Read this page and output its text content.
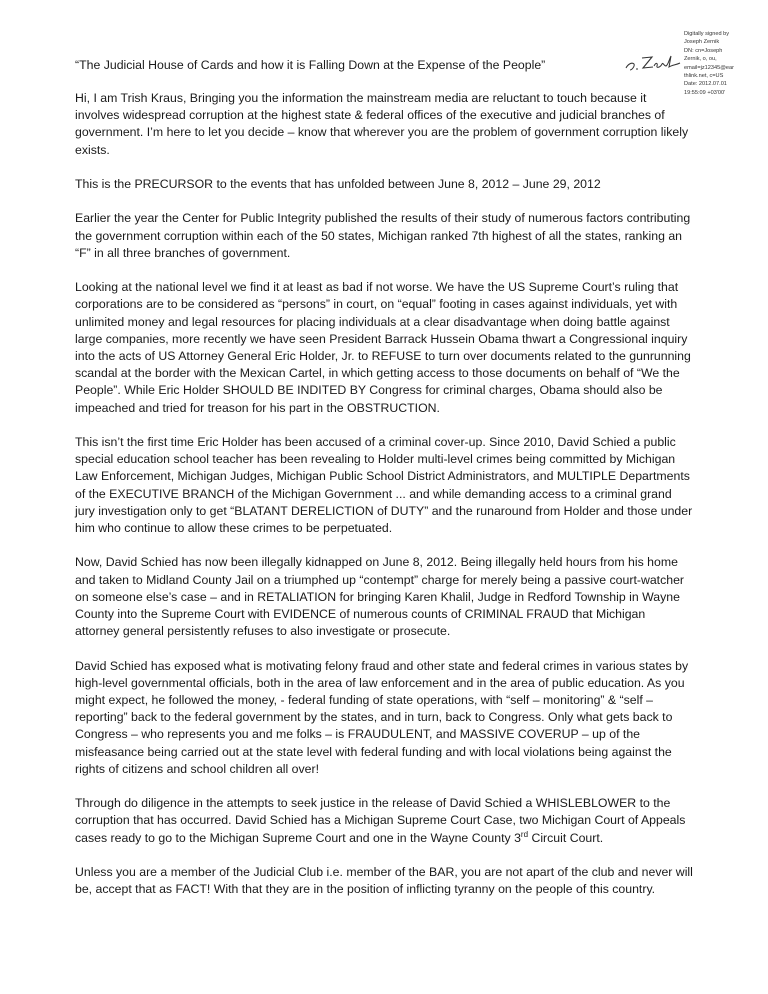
Digitally signed by
Joseph Zernik
DN: cn=Joseph
Zernik, o, ou,
email=jz12345@ear
thlink.net, c=US
Date: 2012.07.01
19:55:09 +03'00'
“The Judicial House of Cards and how it is Falling Down at the Expense of the People”

Hi, I am Trish Kraus, Bringing you the information the mainstream media are reluctant to touch because it involves widespread corruption at the highest state & federal offices of the executive and judicial branches of government. I’m here to let you decide – know that wherever you are the problem of government corruption likely exists.

This is the PRECURSOR to the events that has unfolded between June 8, 2012 – June 29, 2012

Earlier the year the Center for Public Integrity published the results of their study of numerous factors contributing the government corruption within each of the 50 states, Michigan ranked 7th highest of all the states, ranking an “F” in all three branches of government.

Looking at the national level we find it at least as bad if not worse. We have the US Supreme Court’s ruling that corporations are to be considered as “persons” in court, on “equal” footing in cases against individuals, yet with unlimited money and legal resources for placing individuals at a clear disadvantage when doing battle against large companies, more recently we have seen President Barrack Hussein Obama thwart a Congressional inquiry into the acts of US Attorney General Eric Holder, Jr. to REFUSE to turn over documents related to the gunrunning scandal at the border with the Mexican Cartel, in which getting access to those documents on behalf of “We the People”. While Eric Holder SHOULD BE INDITED BY Congress for criminal charges, Obama should also be impeached and tried for treason for his part in the OBSTRUCTION.

This isn’t the first time Eric Holder has been accused of a criminal cover-up. Since 2010, David Schied a public special education school teacher has been revealing to Holder multi-level crimes being committed by Michigan Law Enforcement, Michigan Judges, Michigan Public School District Administrators, and MULTIPLE Departments of the EXECUTIVE BRANCH of the Michigan Government ... and while demanding access to a criminal grand jury investigation only to get “BLATANT DERELICTION of DUTY” and the runaround from Holder and those under him who continue to allow these crimes to be perpetuated.

Now, David Schied has now been illegally kidnapped on June 8, 2012. Being illegally held hours from his home and taken to Midland County Jail on a triumphed up “contempt” charge for merely being a passive court-watcher on someone else’s case – and in RETALIATION for bringing Karen Khalil, Judge in Redford Township in Wayne County into the Supreme Court with EVIDENCE of numerous counts of CRIMINAL FRAUD that Michigan attorney general persistently refuses to also investigate or prosecute.

David Schied has exposed what is motivating felony fraud and other state and federal crimes in various states by high-level governmental officials, both in the area of law enforcement and in the area of public education. As you might expect, he followed the money, - federal funding of state operations, with “self – monitoring” & “self – reporting” back to the federal government by the states, and in turn, back to Congress. Only what gets back to Congress – who represents you and me folks – is FRAUDULENT, and MASSIVE COVERUP – up of the misfeasance being carried out at the state level with federal funding and with local violations being against the rights of citizens and school children all over!

Through do diligence in the attempts to seek justice in the release of David Schied a WHISLEBLOWER to the corruption that has occurred. David Schied has a Michigan Supreme Court Case, two Michigan Court of Appeals cases ready to go to the Michigan Supreme Court and one in the Wayne County 3rd Circuit Court.

Unless you are a member of the Judicial Club i.e. member of the BAR, you are not apart of the club and never will be, accept that as FACT! With that they are in the position of inflicting tyranny on the people of this country.
